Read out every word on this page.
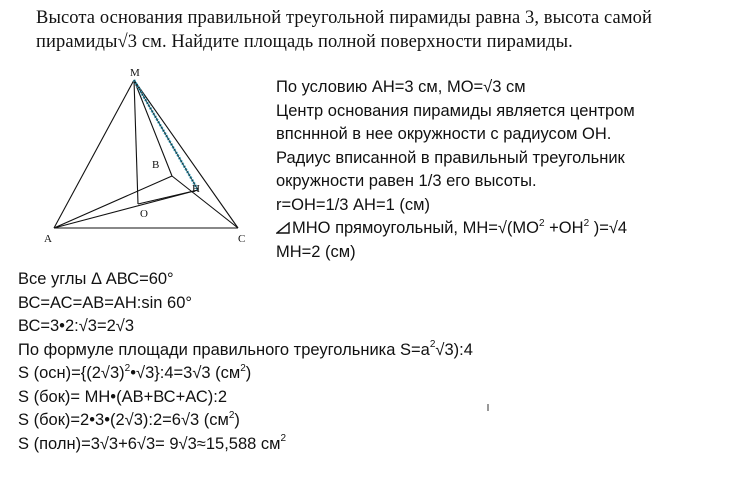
Высота основания правильной треугольной пирамиды равна 3, высота самой
пирамиды√3 см. Найдите площадь полной поверхности пирамиды.
M
B
H
O
A	C
По условию АН=3 см, МО=√3 см
Центр основания пирамиды является центром
впсннной в нее окружности с радиусом ОН.
Радиус вписанной в правильный треугольник
окружности равен 1/3 его высоты.
r=ОН=1/3 АН=1 (см)
МНО прямоугольный, $МН=√(МО^2 +ОН^2$ )=√4
МН=2 (см)
Все углы Δ АВС=60°
ВС=АС=АВ=АН:sin 60°
ВС=3•2:√3=2√3
По формуле площади правильного треугольника $S=a^2√3):4$
S $(осн)=\{(2√3)^2•√3\}:4=3√3$ $(см^2)$
S (бок)= МН•(АВ+ВС+АС):2
S (бок)=2•3•(2√3):2=6√3 $(см^2)$
S (полн)=3√3+6√3= 9√3≈15,588 $см^2$
